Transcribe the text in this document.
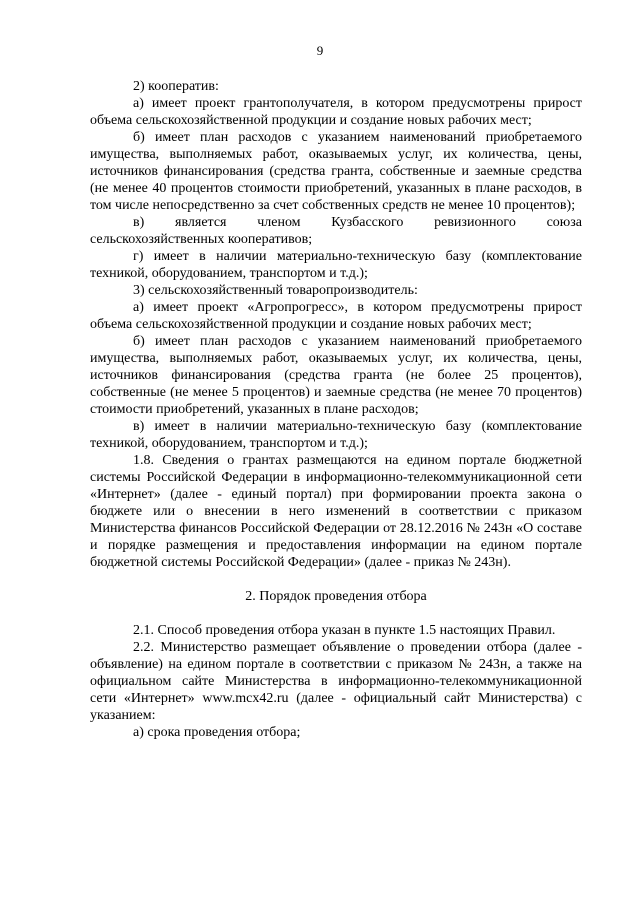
9

2) кооператив:

а) имеет проект грантополучателя, в котором предусмотрены прирост объема сельскохозяйственной продукции и создание новых рабочих мест;

б) имеет план расходов с указанием наименований приобретаемого имущества, выполняемых работ, оказываемых услуг, их количества, цены, источников финансирования (средства гранта, собственные и заемные средства (не менее 40 процентов стоимости приобретений, указанных в плане расходов, в том числе непосредственно за счет собственных средств не менее 10 процентов);

в) является членом Кузбасского ревизионного союза сельскохозяйственных кооперативов;

г) имеет в наличии материально-техническую базу (комплектование техникой, оборудованием, транспортом и т.д.);

3) сельскохозяйственный товаропроизводитель:

а) имеет проект «Агропрогресс», в котором предусмотрены прирост объема сельскохозяйственной продукции и создание новых рабочих мест;

б) имеет план расходов с указанием наименований приобретаемого имущества, выполняемых работ, оказываемых услуг, их количества, цены, источников финансирования (средства гранта (не более 25 процентов), собственные (не менее 5 процентов) и заемные средства (не менее 70 процентов) стоимости приобретений, указанных в плане расходов;

в) имеет в наличии материально-техническую базу (комплектование техникой, оборудованием, транспортом и т.д.);

1.8. Сведения о грантах размещаются на едином портале бюджетной системы Российской Федерации в информационно-телекоммуникационной сети «Интернет» (далее - единый портал) при формировании проекта закона о бюджете или о внесении в него изменений в соответствии с приказом Министерства финансов Российской Федерации от 28.12.2016 № 243н «О составе и порядке размещения и предоставления информации на едином портале бюджетной системы Российской Федерации» (далее - приказ № 243н).

2. Порядок проведения отбора

2.1. Способ проведения отбора указан в пункте 1.5 настоящих Правил.

2.2. Министерство размещает объявление о проведении отбора (далее - объявление) на едином портале в соответствии с приказом № 243н, а также на официальном сайте Министерства в информационно-телекоммуникационной сети «Интернет» www.mcx42.ru (далее - официальный сайт Министерства) с указанием:

а) срока проведения отбора;
